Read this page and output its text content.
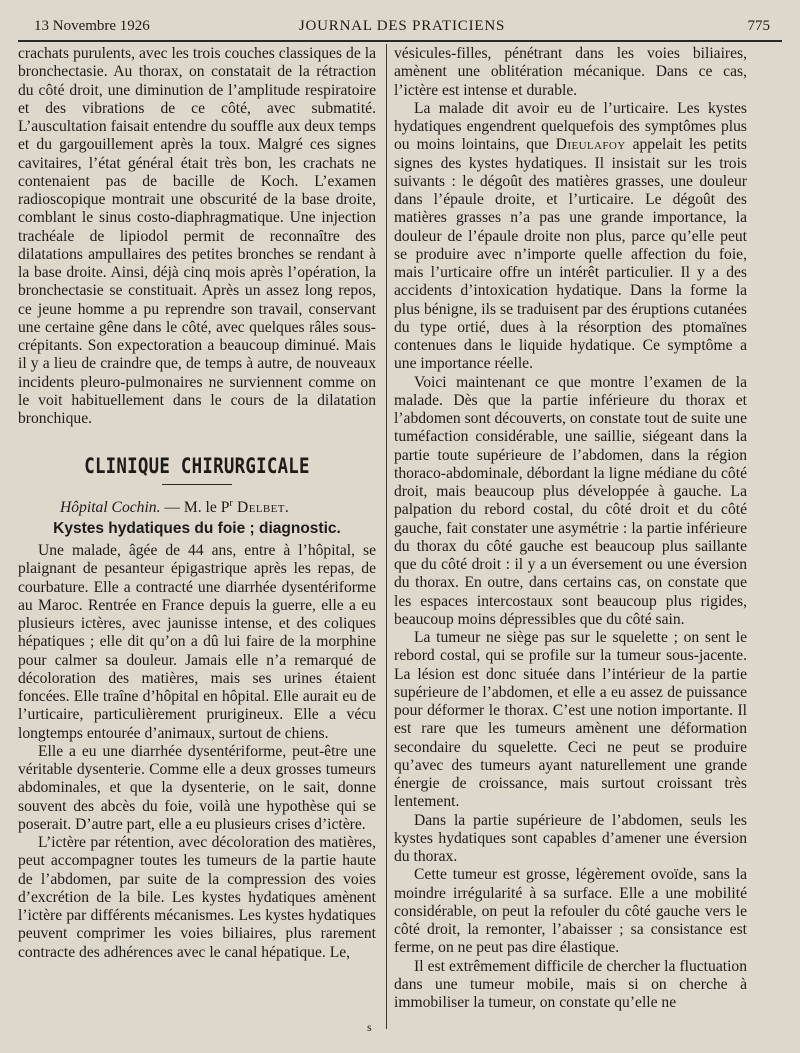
13 Novembre 1926	JOURNAL DES PRATICIENS	775

crachats purulents, avec les trois couches classiques de la bronchectasie. Au thorax, on constatait de la rétraction du côté droit, une diminution de l’amplitude respiratoire et des vibrations de ce côté, avec submatité. L’auscultation faisait entendre du souffle aux deux temps et du gargouillement après la toux. Malgré ces signes cavitaires, l’état général était très bon, les crachats ne contenaient pas de bacille de Koch. L’examen radioscopique montrait une obscurité de la base droite, comblant le sinus costo-diaphragmatique. Une injection trachéale de lipiodol permit de reconnaître des dilatations ampullaires des petites bronches se rendant à la base droite. Ainsi, déjà cinq mois après l’opération, la bronchectasie se constituait. Après un assez long repos, ce jeune homme a pu reprendre son travail, conservant une certaine gêne dans le côté, avec quelques râles sous-crépitants. Son expectoration a beaucoup diminué. Mais il y a lieu de craindre que, de temps à autre, de nouveaux incidents pleuro-pulmonaires ne surviennent comme on le voit habituellement dans le cours de la dilatation bronchique.

CLINIQUE CHIRURGICALE

Hôpital Cochin. — M. le $P^r$ Delbet.

Kystes hydatiques du foie ; diagnostic.

Une malade, âgée de 44 ans, entre à l’hôpital, se plaignant de pesanteur épigastrique après les repas, de courbature. Elle a contracté une diarrhée dysentériforme au Maroc. Rentrée en France depuis la guerre, elle a eu plusieurs ictères, avec jaunisse intense, et des coliques hépatiques ; elle dit qu’on a dû lui faire de la morphine pour calmer sa douleur. Jamais elle n’a remarqué de décoloration des matières, mais ses urines étaient foncées. Elle traîne d’hôpital en hôpital. Elle aurait eu de l’urticaire, particulièrement prurigineux. Elle a vécu longtemps entourée d’animaux, surtout de chiens.

Elle a eu une diarrhée dysentériforme, peut-être une véritable dysenterie. Comme elle a deux grosses tumeurs abdominales, et que la dysenterie, on le sait, donne souvent des abcès du foie, voilà une hypothèse qui se poserait. D’autre part, elle a eu plusieurs crises d’ictère.

L’ictère par rétention, avec décoloration des matières, peut accompagner toutes les tumeurs de la partie haute de l’abdomen, par suite de la compression des voies d’excrétion de la bile. Les kystes hydatiques amènent l’ictère par différents mécanismes. Les kystes hydatiques peuvent comprimer les voies biliaires, plus rarement contracte des adhérences avec le canal hépatique. Le,

vésicules-filles, pénétrant dans les voies biliaires, amènent une oblitération mécanique. Dans ce cas, l’ictère est intense et durable.

La malade dit avoir eu de l’urticaire. Les kystes hydatiques engendrent quelquefois des symptômes plus ou moins lointains, que Dieulafoy appelait les petits signes des kystes hydatiques. Il insistait sur les trois suivants : le dégoût des matières grasses, une douleur dans l’épaule droite, et l’urticaire. Le dégoût des matières grasses n’a pas une grande importance, la douleur de l’épaule droite non plus, parce qu’elle peut se produire avec n’importe quelle affection du foie, mais l’urticaire offre un intérêt particulier. Il y a des accidents d’intoxication hydatique. Dans la forme la plus bénigne, ils se traduisent par des éruptions cutanées du type ortié, dues à la résorption des ptomaïnes contenues dans le liquide hydatique. Ce symptôme a une importance réelle.

Voici maintenant ce que montre l’examen de la malade. Dès que la partie inférieure du thorax et l’abdomen sont découverts, on constate tout de suite une tuméfaction considérable, une saillie, siégeant dans la partie toute supérieure de l’abdomen, dans la région thoraco-abdominale, débordant la ligne médiane du côté droit, mais beaucoup plus développée à gauche. La palpation du rebord costal, du côté droit et du côté gauche, fait constater une asymétrie : la partie inférieure du thorax du côté gauche est beaucoup plus saillante que du côté droit : il y a un éversement ou une éversion du thorax. En outre, dans certains cas, on constate que les espaces intercostaux sont beaucoup plus rigides, beaucoup moins dépressibles que du côté sain.

La tumeur ne siège pas sur le squelette ; on sent le rebord costal, qui se profile sur la tumeur sous-jacente. La lésion est donc située dans l’intérieur de la partie supérieure de l’abdomen, et elle a eu assez de puissance pour déformer le thorax. C’est une notion importante. Il est rare que les tumeurs amènent une déformation secondaire du squelette. Ceci ne peut se produire qu’avec des tumeurs ayant naturellement une grande énergie de croissance, mais surtout croissant très lentement.

Dans la partie supérieure de l’abdomen, seuls les kystes hydatiques sont capables d’amener une éversion du thorax.

Cette tumeur est grosse, légèrement ovoïde, sans la moindre irrégularité à sa surface. Elle a une mobilité considérable, on peut la refouler du côté gauche vers le côté droit, la remonter, l’abaisser ; sa consistance est ferme, on ne peut pas dire élastique.

Il est extrêmement difficile de chercher la fluctuation dans une tumeur mobile, mais si on cherche à immobiliser la tumeur, on constate qu’elle ne

s
